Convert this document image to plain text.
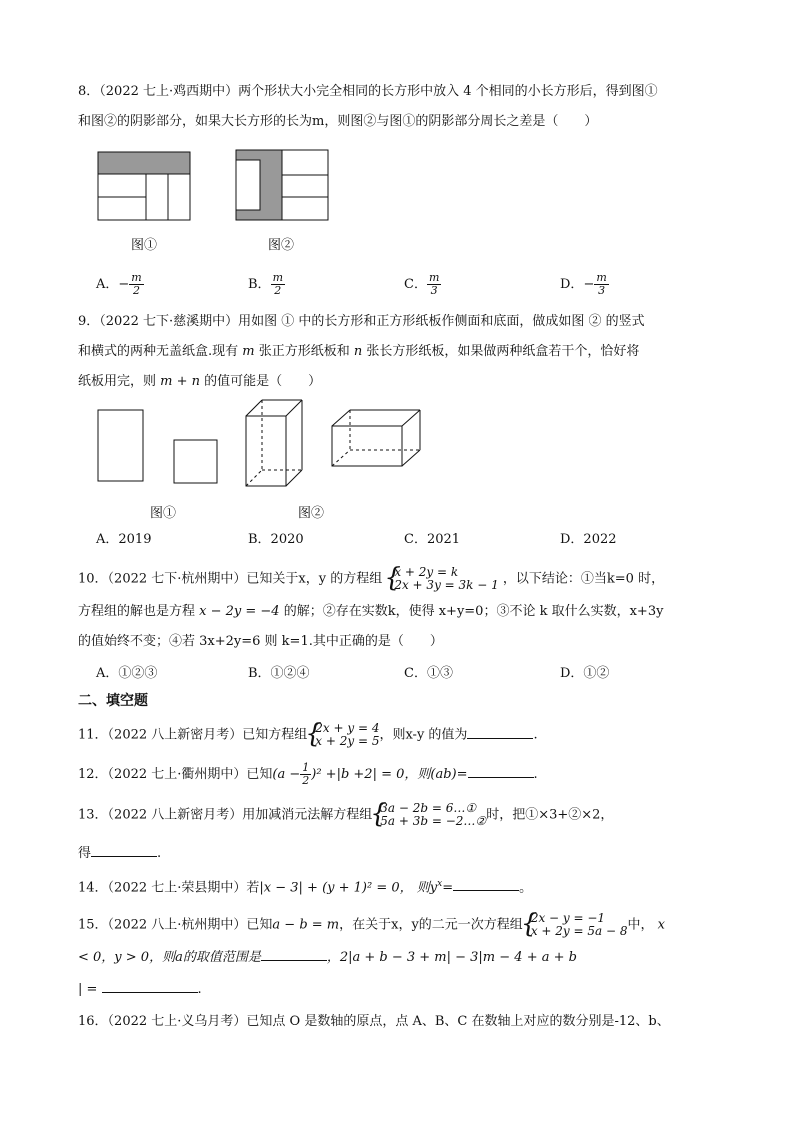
8．（2022 七上·鸡西期中）两个形状大小完全相同的长方形中放入 4 个相同的小长方形后，得到图①
和图②的阴影部分，如果大长方形的长为m，则图②与图①的阴影部分周长之差是（　　）
图①	图②
A．− $\frac{m}{2}$	B． $\frac{m}{2}$	C． $\frac{m}{3}$	D．− $\frac{m}{3}$
9．（2022 七下·慈溪期中）用如图 ① 中的长方形和正方形纸板作侧面和底面，做成如图 ② 的竖式
和横式的两种无盖纸盒.现有 m 张正方形纸板和 n 张长方形纸板，如果做两种纸盒若干个，恰好将
纸板用完，则 m + n 的值可能是（　　）
图①	图②
A．2019	B．2020	C．2021	D．2022
10．（2022 七下·杭州期中）已知关于x，y 的方程组 { x + 2y = k
2x + 3y = 3k − 1 ，以下结论：①当k=0 时，
方程组的解也是方程 x − 2y = −4 的解；②存在实数k，使得 x+y=0；③不论 k 取什么实数，x+3y
的值始终不变；④若 3x+2y=6 则 k=1.其中正确的是（　　）
A．①②③	B．①②④	C．①③	D．①②
二、填空题
11．（2022 八上新密月考）已知方程组 { 2x + y = 4
x + 2y = 5 ，则x-y 的值为	.
12．（2022 七上·衢州期中）已知$(a - \frac{1}{2} )^2 +|b +2| = 0$，则(ab)=	.
13．（2022 八上新密月考）用加减消元法解方程组 { 3a − 2b = 6…①
5a + 3b = −2…② 时，把①×3+②×2，
得	.
14．（2022 七上·荣县期中）若|x − 3| + (y + 1)² = 0， 则$y^x=$	。
15．（2022 八上·杭州期中）已知a − b = m，在关于x，y的二元一次方程组 { 2x − y = −1
x + 2y = 5a − 8 中， x
< 0，y > 0，则a的取值范围是	，2|a + b − 3 + m| − 3|m − 4 + a + b
| =	.
16．（2022 七上·义乌月考）已知点 O 是数轴的原点，点 A、B、C 在数轴上对应的数分别是-12、b、
